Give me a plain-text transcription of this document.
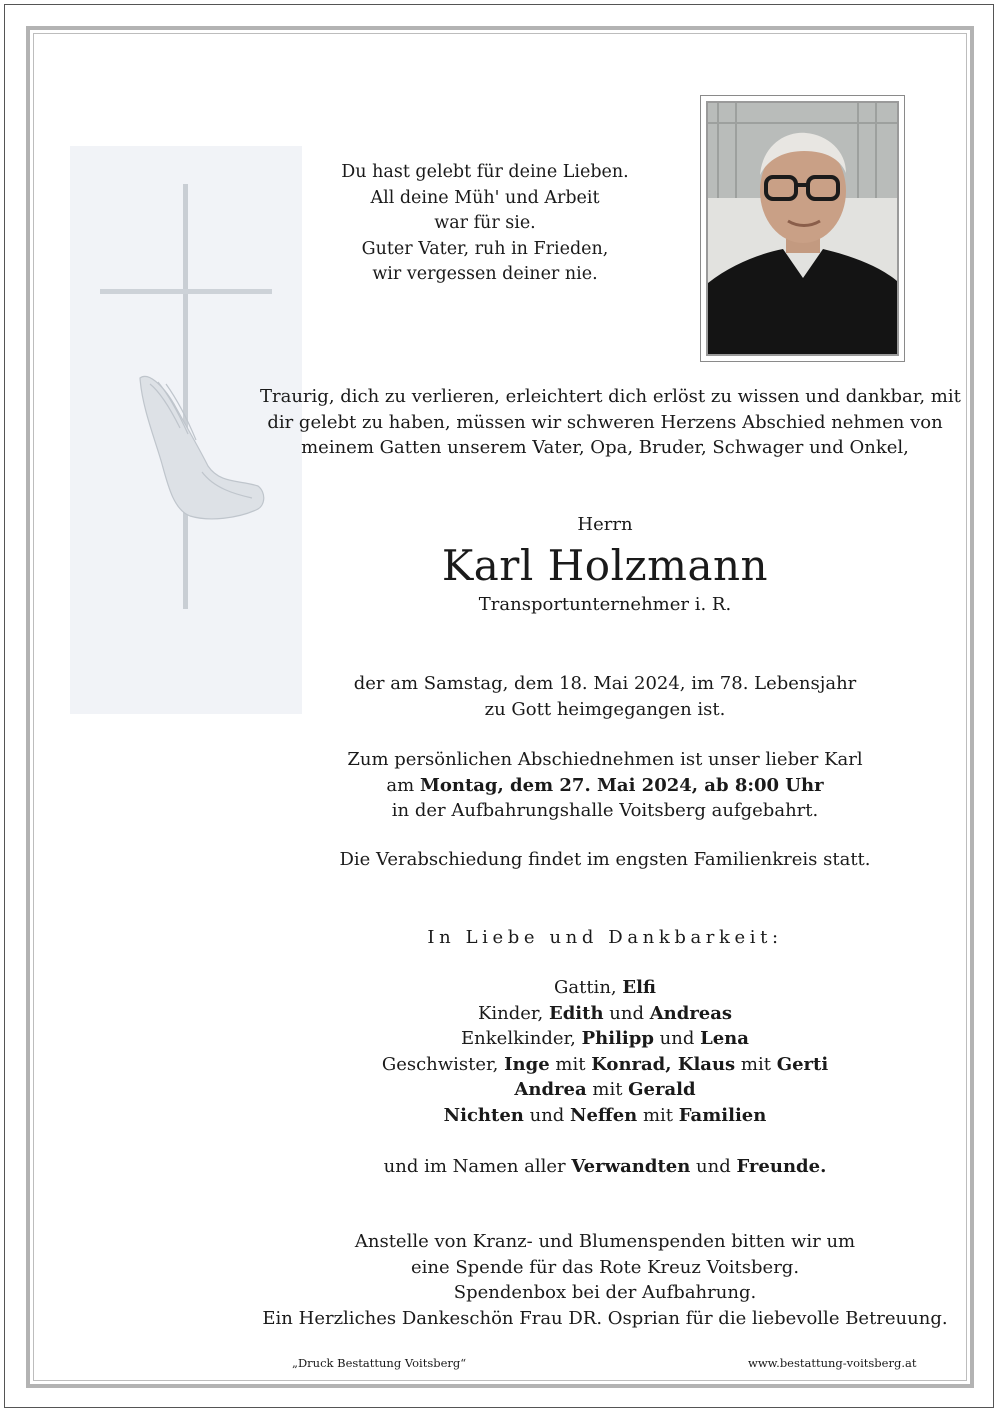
Du hast gelebt für deine Lieben.
All deine Müh' und Arbeit
war für sie.
Guter Vater, ruh in Frieden,
wir vergessen deiner nie.
Traurig, dich zu verlieren, erleichtert dich erlöst zu wissen und dankbar, mit
dir gelebt zu haben, müssen wir schweren Herzens Abschied nehmen von
meinem Gatten unserem Vater, Opa, Bruder, Schwager und Onkel,
Herrn
Karl Holzmann
Transportunternehmer i. R.
der am Samstag, dem 18. Mai 2024, im 78. Lebensjahr
zu Gott heimgegangen ist.
Zum persönlichen Abschiednehmen ist unser lieber Karl
am Montag, dem 27. Mai 2024, ab 8:00 Uhr
in der Aufbahrungshalle Voitsberg aufgebahrt.
Die Verabschiedung findet im engsten Familienkreis statt.
In Liebe und Dankbarkeit:
Gattin, Elfi
Kinder, Edith und Andreas
Enkelkinder, Philipp und Lena
Geschwister, Inge mit Konrad, Klaus mit Gerti
Andrea mit Gerald
Nichten und Neffen mit Familien
und im Namen aller Verwandten und Freunde.
Anstelle von Kranz- und Blumenspenden bitten wir um
eine Spende für das Rote Kreuz Voitsberg.
Spendenbox bei der Aufbahrung.
Ein Herzliches Dankeschön Frau DR. Osprian für die liebevolle Betreuung.
„Druck Bestattung Voitsberg“	www.bestattung-voitsberg.at
